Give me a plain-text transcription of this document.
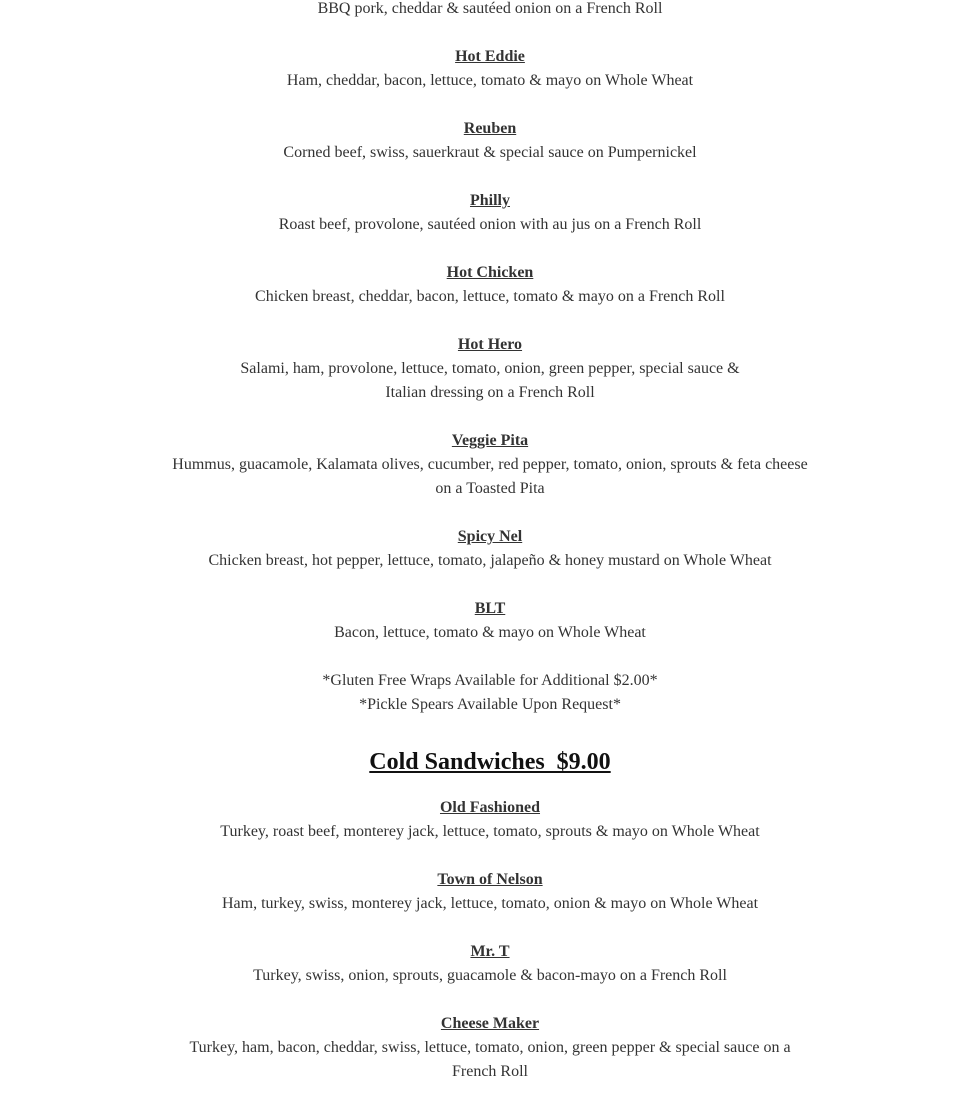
BBQ pork, cheddar & sautéed onion on a French Roll
Hot Eddie
Ham, cheddar, bacon, lettuce, tomato & mayo on Whole Wheat
Reuben
Corned beef, swiss, sauerkraut & special sauce on Pumpernickel
Philly
Roast beef, provolone, sautéed onion with au jus on a French Roll
Hot Chicken
Chicken breast, cheddar, bacon, lettuce, tomato & mayo on a French Roll
Hot Hero
Salami, ham, provolone, lettuce, tomato, onion, green pepper, special sauce & Italian dressing on a French Roll
Veggie Pita
Hummus, guacamole, Kalamata olives, cucumber, red pepper, tomato, onion, sprouts & feta cheese on a Toasted Pita
Spicy Nel
Chicken breast, hot pepper, lettuce, tomato, jalapeño & honey mustard on Whole Wheat
BLT
Bacon, lettuce, tomato & mayo on Whole Wheat
*Gluten Free Wraps Available for Additional $2.00*
*Pickle Spears Available Upon Request*
Cold Sandwiches  $9.00
Old Fashioned
Turkey, roast beef, monterey jack, lettuce, tomato, sprouts & mayo on Whole Wheat
Town of Nelson
Ham, turkey, swiss, monterey jack, lettuce, tomato, onion & mayo on Whole Wheat
Mr. T
Turkey, swiss, onion, sprouts, guacamole & bacon-mayo on a French Roll
Cheese Maker
Turkey, ham, bacon, cheddar, swiss, lettuce, tomato, onion, green pepper & special sauce on a French Roll
